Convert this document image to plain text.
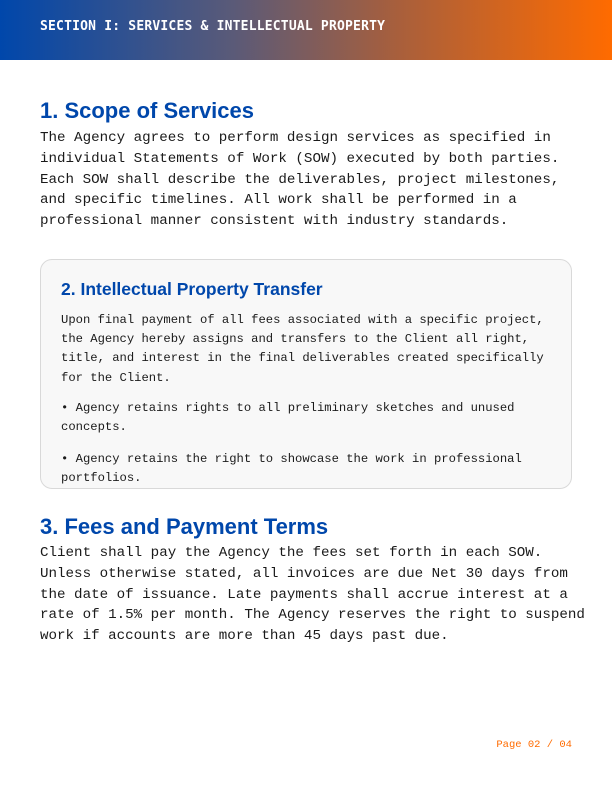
SECTION I: SERVICES & INTELLECTUAL PROPERTY
1. Scope of Services

The Agency agrees to perform design services as specified in individual Statements of Work (SOW) executed by both parties. Each SOW shall describe the deliverables, project milestones, and specific timelines. All work shall be performed in a professional manner consistent with industry standards.

2. Intellectual Property Transfer

Upon final payment of all fees associated with a specific project, the Agency hereby assigns and transfers to the Client all right, title, and interest in the final deliverables created specifically for the Client.

• Agency retains rights to all preliminary sketches and unused concepts.

• Agency retains the right to showcase the work in professional portfolios.

3. Fees and Payment Terms

Client shall pay the Agency the fees set forth in each SOW. Unless otherwise stated, all invoices are due Net 30 days from the date of issuance. Late payments shall accrue interest at a rate of 1.5% per month. The Agency reserves the right to suspend work if accounts are more than 45 days past due.

Page 02 / 04
